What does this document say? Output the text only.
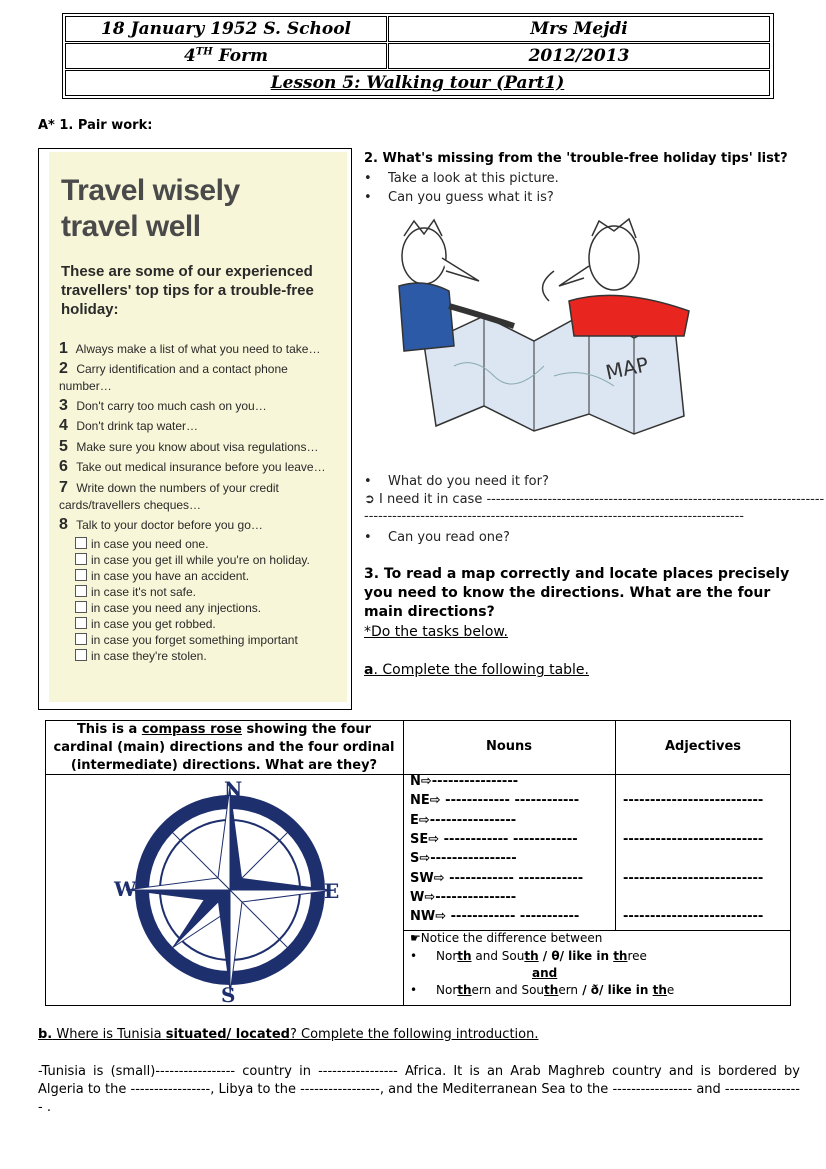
18 January 1952 S. School	Mrs Mejdi
4TH Form	2012/2013
Lesson 5: Walking tour (Part1)
A* 1. Pair work:
Travel wisely
travel well
These are some of our experienced travellers' top tips for a trouble-free holiday:
1 Always make a list of what you need to take…
2 Carry identification and a contact phone number…
3 Don't carry too much cash on you…
4 Don't drink tap water…
5 Make sure you know about visa regulations…
6 Take out medical insurance before you leave…
7 Write down the numbers of your credit cards/travellers cheques…
8 Talk to your doctor before you go…
in case you need one.
in case you get ill while you're on holiday.
in case you have an accident.
in case it's not safe.
in case you need any injections.
in case you get robbed.
in case you forget something important
in case they're stolen.
2. What's missing from the 'trouble-free holiday tips' list?
• Take a look at this picture.
• Can you guess what it is?
MAP
• What do you need it for?
➲ I need it in case ------------------------------------------------------------------------
---------------------------------------------------------------------------------
• Can you read one?
3. To read a map correctly and locate places precisely you need to know the directions. What are the four main directions?
*Do the tasks below.
a. Complete the following table.
This is a compass rose showing the four cardinal (main) directions and the four ordinal (intermediate) directions. What are they?
Nouns	Adjectives
N
S
E
W
N⇨----------------
NE⇨ ------------ ------------	--------------------------
E⇨----------------
SE⇨ ------------ ------------	--------------------------
S⇨----------------
SW⇨ ------------ ------------	--------------------------
W⇨---------------
NW⇨ ------------ -----------	--------------------------
☛Notice the difference between
• North and South / θ/ like in three
and
• Northern and Southern / ð/ like in the
b. Where is Tunisia situated/ located? Complete the following introduction.
-Tunisia is (small)----------------- country in ----------------- Africa. It is an Arab Maghreb country and is bordered by Algeria to the -----------------, Libya to the -----------------, and the Mediterranean Sea to the ----------------- and ----------------- .
